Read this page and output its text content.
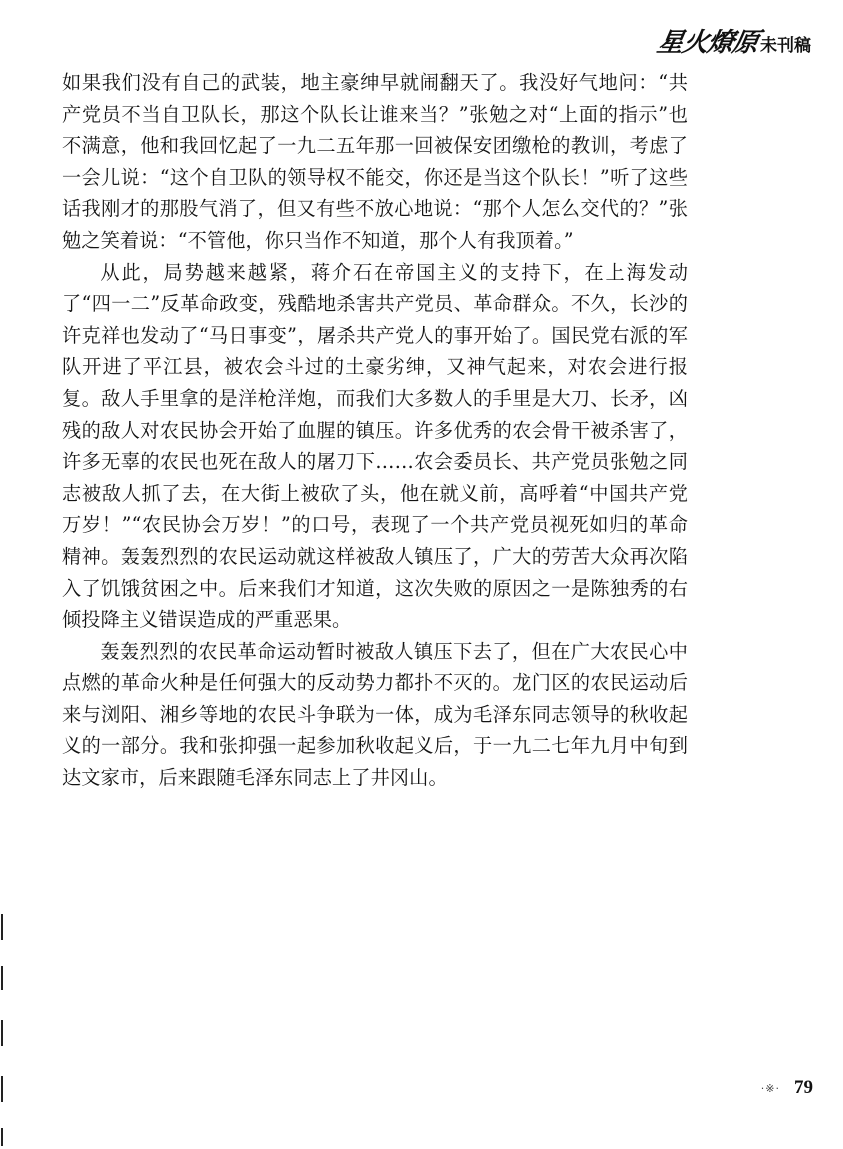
星火燎原 未刊稿

如果我们没有自己的武装，地主豪绅早就闹翻天了。我没好气地问：“共产党员不当自卫队长，那这个队长让谁来当？”张勉之对“上面的指示”也不满意，他和我回忆起了一九二五年那一回被保安团缴枪的教训，考虑了一会儿说：“这个自卫队的领导权不能交，你还是当这个队长！”听了这些话我刚才的那股气消了，但又有些不放心地说：“那个人怎么交代的？”张勉之笑着说：“不管他，你只当作不知道，那个人有我顶着。”

从此，局势越来越紧，蒋介石在帝国主义的支持下，在上海发动了“四一二”反革命政变，残酷地杀害共产党员、革命群众。不久，长沙的许克祥也发动了“马日事变”，屠杀共产党人的事开始了。国民党右派的军队开进了平江县，被农会斗过的土豪劣绅，又神气起来，对农会进行报复。敌人手里拿的是洋枪洋炮，而我们大多数人的手里是大刀、长矛，凶残的敌人对农民协会开始了血腥的镇压。许多优秀的农会骨干被杀害了，许多无辜的农民也死在敌人的屠刀下……农会委员长、共产党员张勉之同志被敌人抓了去，在大街上被砍了头，他在就义前，高呼着“中国共产党万岁！”“农民协会万岁！”的口号，表现了一个共产党员视死如归的革命精神。轰轰烈烈的农民运动就这样被敌人镇压了，广大的劳苦大众再次陷入了饥饿贫困之中。后来我们才知道，这次失败的原因之一是陈独秀的右倾投降主义错误造成的严重恶果。

轰轰烈烈的农民革命运动暂时被敌人镇压下去了，但在广大农民心中点燃的革命火种是任何强大的反动势力都扑不灭的。龙门区的农民运动后来与浏阳、湘乡等地的农民斗争联为一体，成为毛泽东同志领导的秋收起义的一部分。我和张抑强一起参加秋收起义后，于一九二七年九月中旬到达文家市，后来跟随毛泽东同志上了井冈山。

·※· 79
